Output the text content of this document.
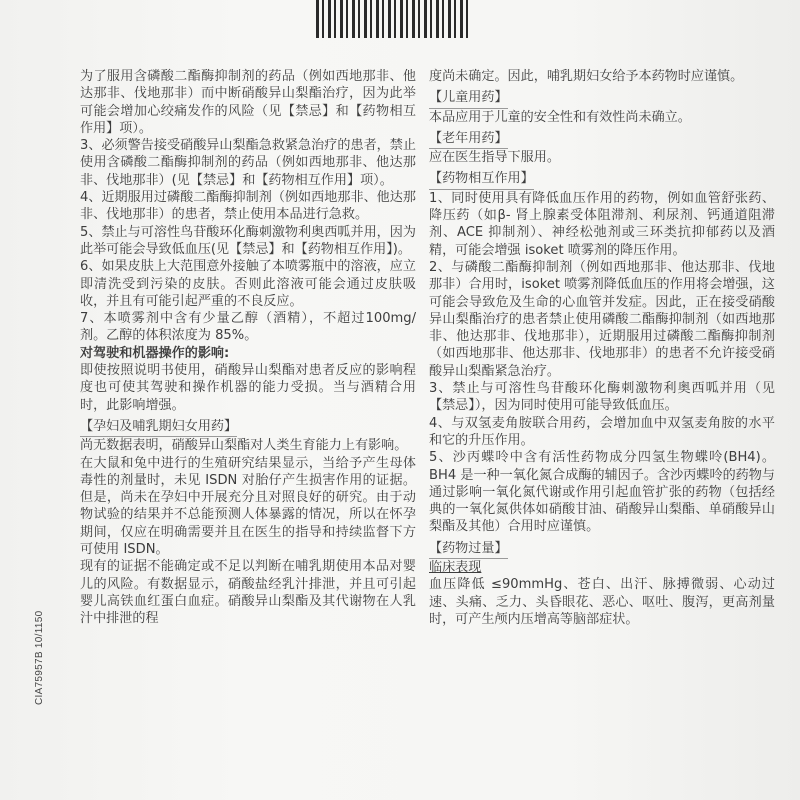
CIA75957B 10/1150

为了服用含磷酸二酯酶抑制剂的药品（例如西地那非、他达那非、伐地那非）而中断硝酸异山梨酯治疗，因为此举可能会增加心绞痛发作的风险（见【禁忌】和【药物相互作用】项）。

3、必须警告接受硝酸异山梨酯急救紧急治疗的患者，禁止使用含磷酸二酯酶抑制剂的药品（例如西地那非、他达那非、伐地那非）(见【禁忌】和【药物相互作用】项）。

4、近期服用过磷酸二酯酶抑制剂（例如西地那非、他达那非、伐地那非）的患者，禁止使用本品进行急救。

5、禁止与可溶性鸟苷酸环化酶刺激物利奥西呱并用，因为此举可能会导致低血压(见【禁忌】和【药物相互作用】)。

6、如果皮肤上大范围意外接触了本喷雾瓶中的溶液，应立即清洗受到污染的皮肤。否则此溶液可能会通过皮肤吸收，并且有可能引起严重的不良反应。

7、本喷雾剂中含有少量乙醇（酒精），不超过100mg/ 剂。乙醇的体积浓度为 85%。

对驾驶和机器操作的影响:

即使按照说明书使用，硝酸异山梨酯对患者反应的影响程度也可使其驾驶和操作机器的能力受损。当与酒精合用时，此影响增强。

【孕妇及哺乳期妇女用药】

尚无数据表明，硝酸异山梨酯对人类生育能力上有影响。

在大鼠和兔中进行的生殖研究结果显示，当给予产生母体毒性的剂量时，未见 ISDN 对胎仔产生损害作用的证据。但是，尚未在孕妇中开展充分且对照良好的研究。由于动物试验的结果并不总能预测人体暴露的情况，所以在怀孕期间，仅应在明确需要并且在医生的指导和持续监督下方可使用 ISDN。

现有的证据不能确定或不足以判断在哺乳期使用本品对婴儿的风险。有数据显示，硝酸盐经乳汁排泄，并且可引起婴儿高铁血红蛋白血症。硝酸异山梨酯及其代谢物在人乳汁中排泄的程

度尚未确定。因此，哺乳期妇女给予本药物时应谨慎。

【儿童用药】

本品应用于儿童的安全性和有效性尚未确立。

【老年用药】

应在医生指导下服用。

【药物相互作用】

1、同时使用具有降低血压作用的药物，例如血管舒张药、降压药（如β- 肾上腺素受体阻滞剂、利尿剂、钙通道阻滞剂、ACE 抑制剂）、神经松弛剂或三环类抗抑郁药以及酒精，可能会增强 isoket 喷雾剂的降压作用。

2、与磷酸二酯酶抑制剂（例如西地那非、他达那非、伐地那非）合用时，isoket 喷雾剂降低血压的作用将会增强，这可能会导致危及生命的心血管并发症。因此，正在接受硝酸异山梨酯治疗的患者禁止使用磷酸二酯酶抑制剂（如西地那非、他达那非、伐地那非），近期服用过磷酸二酯酶抑制剂（如西地那非、他达那非、伐地那非）的患者不允许接受硝酸异山梨酯紧急治疗。

3、禁止与可溶性鸟苷酸环化酶刺激物利奥西呱并用（见【禁忌】），因为同时使用可能导致低血压。

4、与双氢麦角胺联合用药，会增加血中双氢麦角胺的水平和它的升压作用。

5、沙丙蝶呤中含有活性药物成分四氢生物蝶呤(BH4)。BH4 是一种一氧化氮合成酶的辅因子。含沙丙蝶呤的药物与通过影响一氧化氮代谢或作用引起血管扩张的药物（包括经典的一氧化氮供体如硝酸甘油、硝酸异山梨酯、单硝酸异山梨酯及其他）合用时应谨慎。

【药物过量】

临床表现

血压降低 ≤90mmHg、苍白、出汗、脉搏微弱、心动过速、头痛、乏力、头昏眼花、恶心、呕吐、腹泻，更高剂量时，可产生颅内压增高等脑部症状。
